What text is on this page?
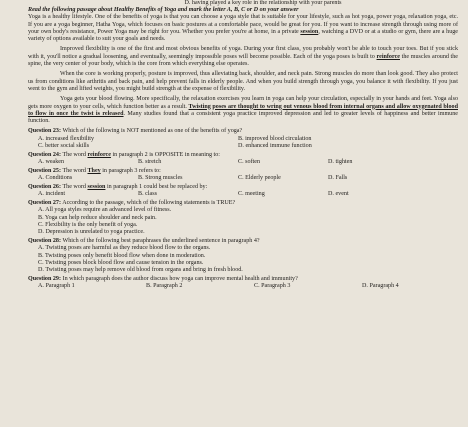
D. having played a key role in the relationship with your parents
Read the following passage about Healthy Benefits of Yoga and mark the letter A, B, C or D on your answer

Yoga is a healthy lifestyle. One of the benefits of yoga is that you can choose a yoga style that is suitable for your lifestyle, such as hot yoga, power yoga, relaxation yoga, etc. If you are a yoga beginner, Hatha Yoga, which focuses on basic postures at a comfortable pace, would be great for you. If you want to increase strength through using more of your own body's resistance, Power Yoga may be right for you. Whether you prefer you're at home, in a private session, watching a DVD or at a studio or gym, there are a huge variety of options available to suit your goals and needs.

Improved flexibility is one of the first and most obvious benefits of yoga. During your first class, you probably won't be able to touch your toes. But if you stick with it, you'll notice a gradual loosening, and eventually, seemingly impossible poses will become possible. Each of the yoga poses is built to reinforce the muscles around the spine, the very center of your body, which is the core from which everything else operates.

When the core is working properly, posture is improved, thus alleviating back, shoulder, and neck pain. Strong muscles do more than look good. They also protect us from conditions like arthritis and back pain, and help prevent falls in elderly people. And when you build strength through yoga, you balance it with flexibility. If you just went to the gym and lifted weights, you might build strength at the expense of flexibility.

Yoga gets your blood flowing. More specifically, the relaxation exercises you learn in yoga can help your circulation, especially in your hands and feet. Yoga also gets more oxygen to your cells, which function better as a result. Twisting poses are thought to wring out venous blood from internal organs and allow oxygenated blood to flow in once the twist is released. Many studies found that a consistent yoga practice improved depression and led to greater levels of happiness and better immune function.

Question 23: Which of the following is NOT mentioned as one of the benefits of yoga?
A. increased flexibility	B. improved blood circulation
C. better social skills	D. enhanced immune function
Question 24: The word reinforce in paragraph 2 is OPPOSITE in meaning to:
A. weaken	B. stretch	C. soften	D. tighten
Question 25: The word They in paragraph 3 refers to:
A. Conditions	B. Strong muscles	C. Elderly people	D. Falls
Question 26: The word session in paragraph 1 could best be replaced by:
A. incident	B. class	C. meeting	D. event
Question 27: According to the passage, which of the following statements is TRUE?
A. All yoga styles require an advanced level of fitness.
B. Yoga can help reduce shoulder and neck pain.
C. Flexibility is the only benefit of yoga.
D. Depression is unrelated to yoga practice.
Question 28: Which of the following best paraphrases the underlined sentence in paragraph 4?
A. Twisting poses are harmful as they reduce blood flow to the organs.
B. Twisting poses only benefit blood flow when done in moderation.
C. Twisting poses block blood flow and cause tension in the organs.
D. Twisting poses may help remove old blood from organs and bring in fresh blood.
Question 29: In which paragraph does the author discuss how yoga can improve mental health and immunity?
A. Paragraph 1	B. Paragraph 2	C. Paragraph 3	D. Paragraph 4
